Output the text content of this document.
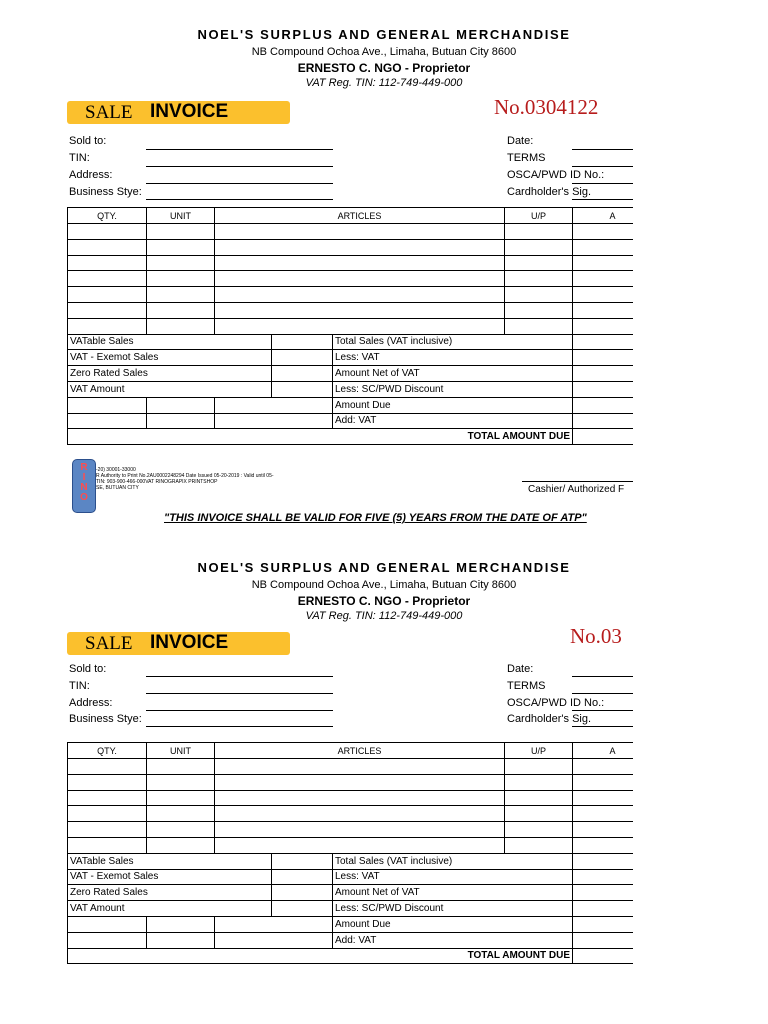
NOEL'S SURPLUS AND GENERAL MERCHANDISE
NB Compound Ochoa Ave., Limaha, Butuan City 8600
ERNESTO C. NGO - Proprietor
VAT Reg. TIN: 112-749-449-000
SALE INVOICE	No.0304122
Sold to:
TIN:
Address:
Business Stye:
Date:
TERMS
OSCA/PWD ID No.:
Cardholder's Sig.
QTY.	UNIT	ARTICLES			U/P	A

VATable Sales				Total Sales (VAT inclusive)		
VAT - Exemot Sales				Less: VAT		
Zero Rated Sales				Amount Net of VAT		
VAT Amount				Less: SC/PWD Discount		
				Amount Due		
				Add: VAT		
TOTAL AMOUNT DUE						
-20) 30001-33000
R Authority to Print No.2AU0002248294 Date Issued 05-20-2019 : Valid until 05-
TIN: 903-900-466-000VAT RINOGRAPIX PRINTSHOP
SE, BUTUAN CITY
R
I
N
O
Cashier/ Authorized F
"THIS INVOICE SHALL BE VALID FOR FIVE (5) YEARS FROM THE DATE OF ATP"
NOEL'S SURPLUS AND GENERAL MERCHANDISE
NB Compound Ochoa Ave., Limaha, Butuan City 8600
ERNESTO C. NGO - Proprietor
VAT Reg. TIN: 112-749-449-000
SALE INVOICE	No.03
Sold to:
TIN:
Address:
Business Stye:
Date:
TERMS
OSCA/PWD ID No.:
Cardholder's Sig.
QTY.	UNIT	ARTICLES			U/P	A

VATable Sales				Total Sales (VAT inclusive)		
VAT - Exemot Sales				Less: VAT		
Zero Rated Sales				Amount Net of VAT		
VAT Amount				Less: SC/PWD Discount		
				Amount Due		
				Add: VAT		
TOTAL AMOUNT DUE						
